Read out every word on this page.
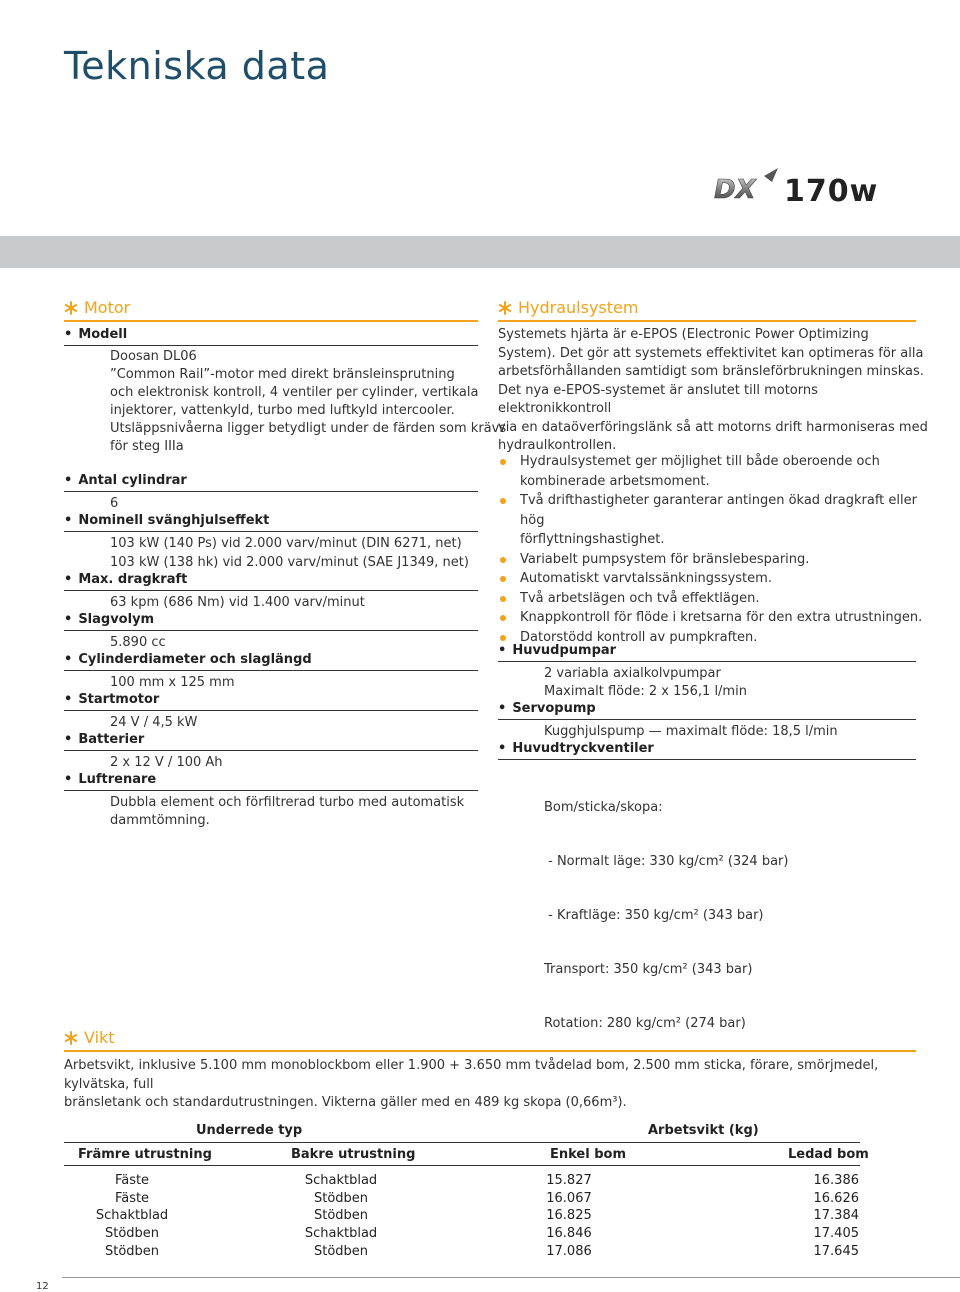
Tekniska data
DX 170w
Motor
• Modell
Doosan DL06
”Common Rail”-motor med direkt bränsleinsprutning
och elektronisk kontroll, 4 ventiler per cylinder, vertikala
injektorer, vattenkyld, turbo med luftkyld intercooler.
Utsläppsnivåerna ligger betydligt under de färden som krävs
för steg IIIa
• Antal cylindrar
6
• Nominell svänghjulseffekt
103 kW (140 Ps) vid 2.000 varv/minut (DIN 6271, net)
103 kW (138 hk) vid 2.000 varv/minut (SAE J1349, net)
• Max. dragkraft
63 kpm (686 Nm) vid 1.400 varv/minut
• Slagvolym
5.890 cc
• Cylinderdiameter och slaglängd
100 mm x 125 mm
• Startmotor
24 V / 4,5 kW
• Batterier
2 x 12 V / 100 Ah
• Luftrenare
Dubbla element och förfiltrerad turbo med automatisk
dammtömning.
Hydraulsystem
Systemets hjärta är e-EPOS (Electronic Power Optimizing
System). Det gör att systemets effektivitet kan optimeras för alla
arbetsförhållanden samtidigt som bränsleförbrukningen minskas.
Det nya e-EPOS-systemet är anslutet till motorns elektronikkontroll
via en dataöverföringslänk så att motorns drift harmoniseras med
hydraulkontrollen.
Hydraulsystemet ger möjlighet till både oberoende och
kombinerade arbetsmoment.
Två drifthastigheter garanterar antingen ökad dragkraft eller hög
förflyttningshastighet.
Variabelt pumpsystem för bränslebesparing.
Automatiskt varvtalssänkningssystem.
Två arbetslägen och två effektlägen.
Knappkontroll för flöde i kretsarna för den extra utrustningen.
Datorstödd kontroll av pumpkraften.
• Huvudpumpar
2 variabla axialkolvpumpar
Maximalt flöde: 2 x 156,1 l/min
• Servopump
Kugghjulspump — maximalt flöde: 18,5 l/min
• Huvudtryckventiler

Bom/sticka/skopa:

- Normalt läge: 330 kg/cm² (324 bar)

- Kraftläge: 350 kg/cm² (343 bar)

Transport: 350 kg/cm² (343 bar)

Rotation: 280 kg/cm² (274 bar)

Vikt
Arbetsvikt, inklusive 5.100 mm monoblockbom eller 1.900 + 3.650 mm tvådelad bom, 2.500 mm sticka, förare, smörjmedel, kylvätska, full
bränsletank och standardutrustningen. Vikterna gäller med en 489 kg skopa (0,66m³).
Underrede typ	Arbetsvikt (kg)
Främre utrustning	Bakre utrustning	Enkel bom	Ledad bom
Fäste	Schaktblad	15.827	16.386
Fäste	Stödben	16.067	16.626
Schaktblad	Stödben	16.825	17.384
Stödben	Schaktblad	16.846	17.405
Stödben	Stödben	17.086	17.645
12
